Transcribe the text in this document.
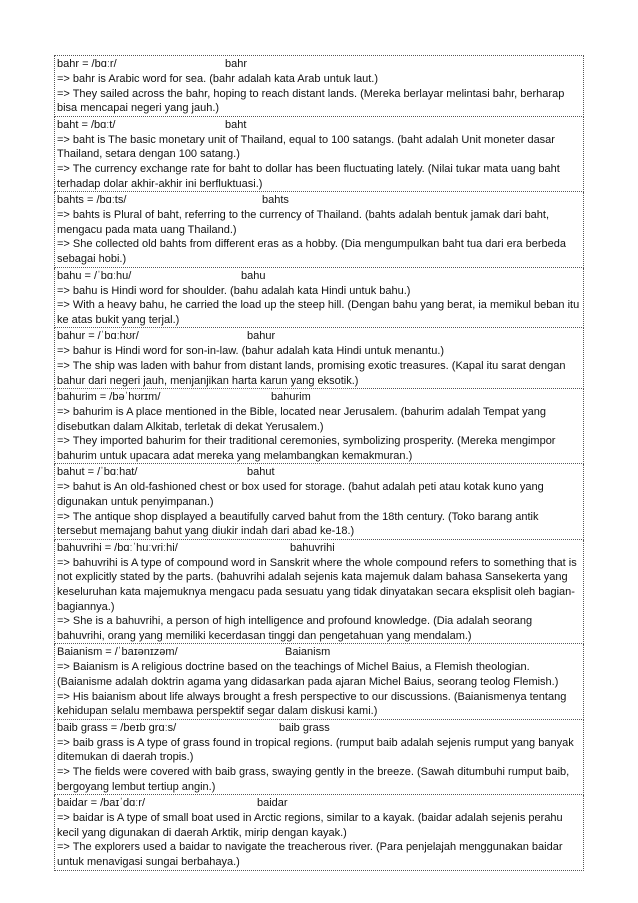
bahr = /bɑːr/	bahr
=> bahr is Arabic word for sea. (bahr adalah kata Arab untuk laut.)
=> They sailed across the bahr, hoping to reach distant lands. (Mereka berlayar melintasi bahr, berharap bisa mencapai negeri yang jauh.)
baht = /bɑːt/	baht
=> baht is The basic monetary unit of Thailand, equal to 100 satangs. (baht adalah Unit moneter dasar Thailand, setara dengan 100 satang.)
=> The currency exchange rate for baht to dollar has been fluctuating lately. (Nilai tukar mata uang baht terhadap dolar akhir-akhir ini berfluktuasi.)
bahts = /bɑːts/	bahts
=> bahts is Plural of baht, referring to the currency of Thailand. (bahts adalah bentuk jamak dari baht, mengacu pada mata uang Thailand.)
=> She collected old bahts from different eras as a hobby. (Dia mengumpulkan baht tua dari era berbeda sebagai hobi.)
bahu = /ˈbɑːhu/	bahu
=> bahu is Hindi word for shoulder. (bahu adalah kata Hindi untuk bahu.)
=> With a heavy bahu, he carried the load up the steep hill. (Dengan bahu yang berat, ia memikul beban itu ke atas bukit yang terjal.)
bahur = /ˈbɑːhʊr/	bahur
=> bahur is Hindi word for son-in-law. (bahur adalah kata Hindi untuk menantu.)
=> The ship was laden with bahur from distant lands, promising exotic treasures. (Kapal itu sarat dengan bahur dari negeri jauh, menjanjikan harta karun yang eksotik.)
bahurim = /bəˈhʊrɪm/	bahurim
=> bahurim is A place mentioned in the Bible, located near Jerusalem. (bahurim adalah Tempat yang disebutkan dalam Alkitab, terletak di dekat Yerusalem.)
=> They imported bahurim for their traditional ceremonies, symbolizing prosperity. (Mereka mengimpor bahurim untuk upacara adat mereka yang melambangkan kemakmuran.)
bahut = /ˈbɑːhat/	bahut
=> bahut is An old-fashioned chest or box used for storage. (bahut adalah peti atau kotak kuno yang digunakan untuk penyimpanan.)
=> The antique shop displayed a beautifully carved bahut from the 18th century. (Toko barang antik tersebut memajang bahut yang diukir indah dari abad ke-18.)
bahuvrihi = /bɑːˈhuːvriːhi/	bahuvrihi
=> bahuvrihi is A type of compound word in Sanskrit where the whole compound refers to something that is not explicitly stated by the parts. (bahuvrihi adalah sejenis kata majemuk dalam bahasa Sansekerta yang keseluruhan kata majemuknya mengacu pada sesuatu yang tidak dinyatakan secara eksplisit oleh bagian-bagiannya.)
=> She is a bahuvrihi, a person of high intelligence and profound knowledge. (Dia adalah seorang bahuvrihi, orang yang memiliki kecerdasan tinggi dan pengetahuan yang mendalam.)
Baianism = /ˈbaɪənɪzəm/	Baianism
=> Baianism is A religious doctrine based on the teachings of Michel Baius, a Flemish theologian. (Baianisme adalah doktrin agama yang didasarkan pada ajaran Michel Baius, seorang teolog Flemish.)
=> His baianism about life always brought a fresh perspective to our discussions. (Baianismenya tentang kehidupan selalu membawa perspektif segar dalam diskusi kami.)
baib grass = /beɪb ɡrɑːs/	baib grass
=> baib grass is A type of grass found in tropical regions. (rumput baib adalah sejenis rumput yang banyak ditemukan di daerah tropis.)
=> The fields were covered with baib grass, swaying gently in the breeze. (Sawah ditumbuhi rumput baib, bergoyang lembut tertiup angin.)
baidar = /baɪˈdɑːr/	baidar
=> baidar is A type of small boat used in Arctic regions, similar to a kayak. (baidar adalah sejenis perahu kecil yang digunakan di daerah Arktik, mirip dengan kayak.)
=> The explorers used a baidar to navigate the treacherous river. (Para penjelajah menggunakan baidar untuk menavigasi sungai berbahaya.)
